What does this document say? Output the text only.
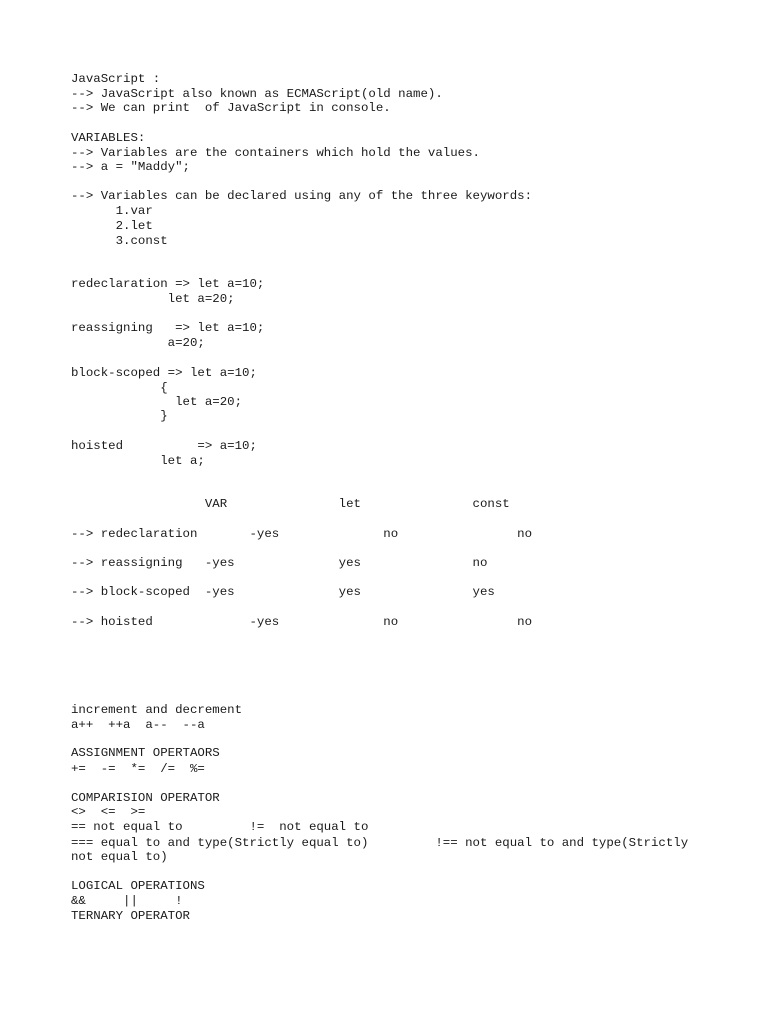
JavaScript :

--> JavaScript also known as ECMAScript(old name).

--> We can print  of JavaScript in console.

VARIABLES:

--> Variables are the containers which hold the values.

--> a = "Maddy";

--> Variables can be declared using any of the three keywords:

1.var

2.let

3.const

redeclaration => let a=10;

let a=20;

reassigning   => let a=10;

a=20;

block-scoped => let a=10;

{

let a=20;

}

hoisted          => a=10;

let a;

VAR               let               const

--> redeclaration       -yes              no                no

--> reassigning   -yes              yes               no

--> block-scoped  -yes              yes               yes

--> hoisted             -yes              no                no

increment and decrement

a++  ++a  a--  --a

ASSIGNMENT OPERTAORS

+=  -=  *=  /=  %=

COMPARISION OPERATOR

<>  <=  >=

== not equal to         !=  not equal to

=== equal to and type(Strictly equal to)         !== not equal to and type(Strictly

not equal to)

LOGICAL OPERATIONS

&&     ||     !

TERNARY OPERATOR
